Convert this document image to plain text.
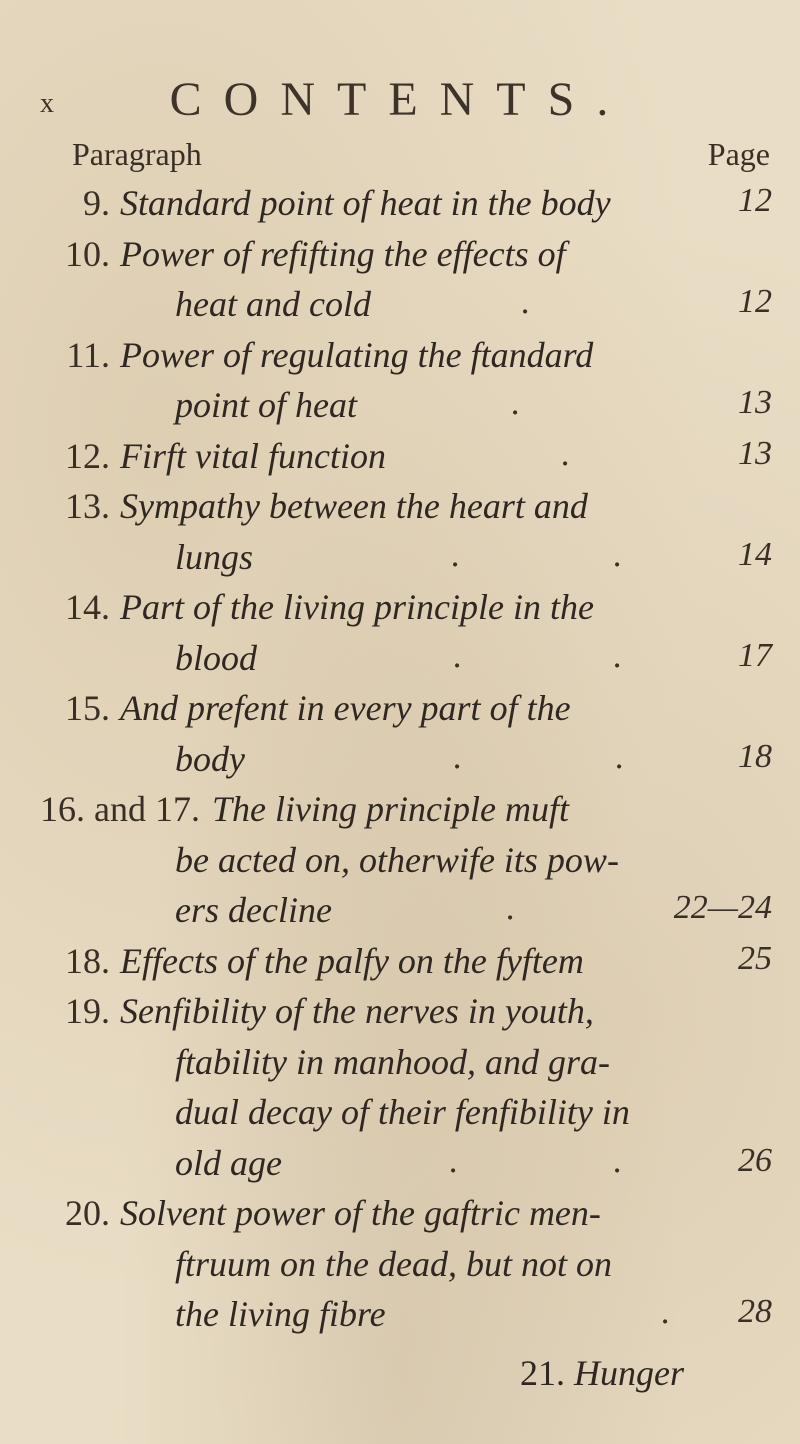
x CONTENTS.
Paragraph	Page
9. Standard point of heat in the body	12
10. Power of refifting the effects of
heat and cold	.	12
11. Power of regulating the ftandard
point of heat	.	13
12. Firft vital function	.	13
13. Sympathy between the heart and
lungs	.	.	14
14. Part of the living principle in the
blood	.	.	17
15. And prefent in every part of the
body	.	.	18
16. and 17. The living principle muft
be acted on, otherwife its pow-
ers decline	.	22—24
18. Effects of the palfy on the fyftem	25
19. Senfibility of the nerves in youth,
ftability in manhood, and gra-
dual decay of their fenfibility in
old age	.	.	26
20. Solvent power of the gaftric men-
ftruum on the dead, but not on
the living fibre	. 28
21. Hunger
